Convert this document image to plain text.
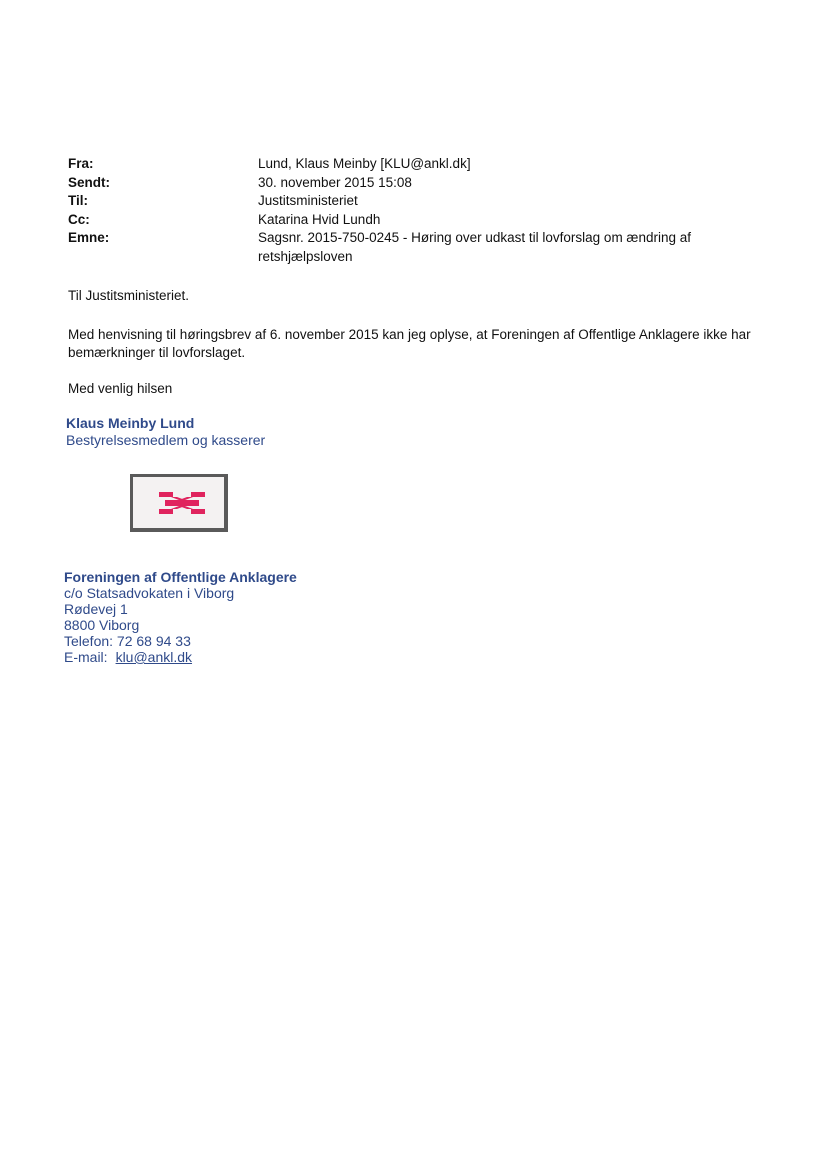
Fra:	Lund, Klaus Meinby [KLU@ankl.dk]
Sendt:	30. november 2015 15:08
Til:	Justitsministeriet
Cc:	Katarina Hvid Lundh
Emne:	Sagsnr. 2015-750-0245 - Høring over udkast til lovforslag om ændring af retshjælpsloven
Til Justitsministeriet.
Med henvisning til høringsbrev af 6. november 2015 kan jeg oplyse, at Foreningen af Offentlige Anklagere ikke har bemærkninger til lovforslaget.
Med venlig hilsen
Klaus Meinby Lund
Bestyrelsesmedlem og kasserer
Foreningen af Offentlige Anklagere
c/o Statsadvokaten i Viborg
Rødevej 1
8800 Viborg
Telefon: 72 68 94 33
E-mail: klu@ankl.dk
